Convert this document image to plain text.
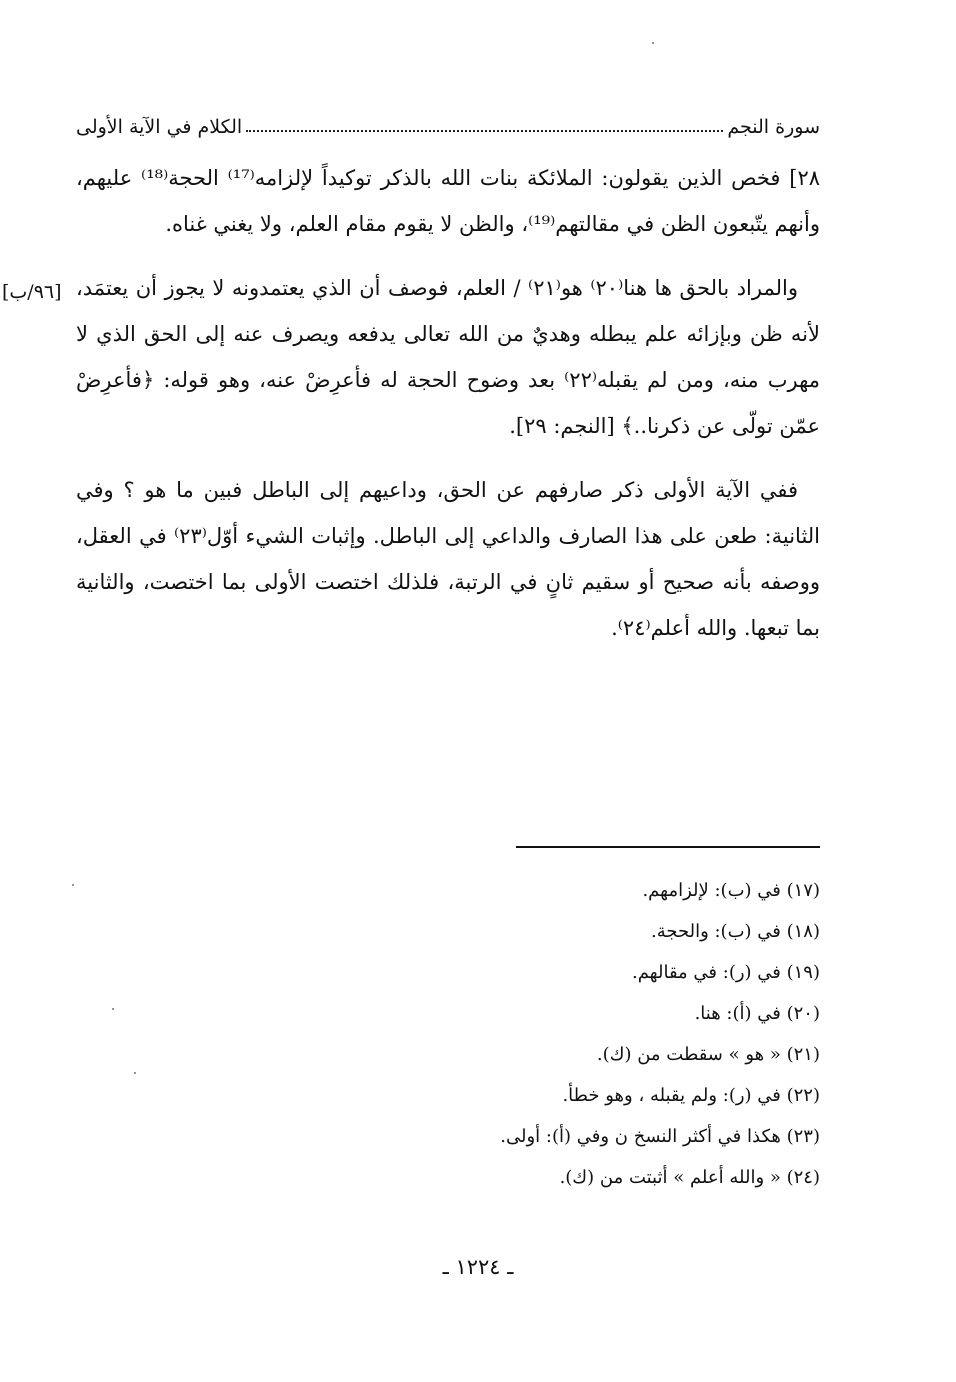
سورة النجم
الكلام في الآية الأولى

٢٨] فخص الذين يقولون: الملائكة بنات الله بالذكر توكيداً لإلزامه⁽¹⁷⁾ الحجة⁽¹⁸⁾ عليهم، وأنهم يتّبعون الظن في مقالتهم⁽¹⁹⁾، والظن لا يقوم مقام العلم، ولا يغني غناه.

والمراد بالحق ها هنا⁽٢٠⁾ هو⁽٢١⁾ / العلم، فوصف أن الذي يعتمدونه لا يجوز أن يعتمَد، لأنه ظن وبإزائه علم يبطله وهديٌ من الله تعالى يدفعه ويصرف عنه إلى الحق الذي لا مهرب منه، ومن لم يقبله⁽٢٢⁾ بعد وضوح الحجة له فأعرِضْ عنه، وهو قوله: ﴿فأعرِضْ عمّن تولّى عن ذكرنا..﴾ [النجم: ٢٩].

ففي الآية الأولى ذكر صارفهم عن الحق، وداعيهم إلى الباطل فبين ما هو ؟ وفي الثانية: طعن على هذا الصارف والداعي إلى الباطل. وإثبات الشيء أوّل⁽٢٣⁾ في العقل، ووصفه بأنه صحيح أو سقيم ثانٍ في الرتبة، فلذلك اختصت الأولى بما اختصت، والثانية بما تبعها. والله أعلم⁽٢٤⁾.

[٩٦/ب]
(١٧) في (ب): لإلزامهم.
(١٨) في (ب): والحجة.
(١٩) في (ر): في مقالهم.
(٢٠) في (أ): هنا.
(٢١) « هو » سقطت من (ك).
(٢٢) في (ر): ولم يقبله ، وهو خطأ.
(٢٣) هكذا في أكثر النسخ ن وفي (أ): أولى.
(٢٤) « والله أعلم » أثبتت من (ك).
ـ ١٢٢٤ ـ
